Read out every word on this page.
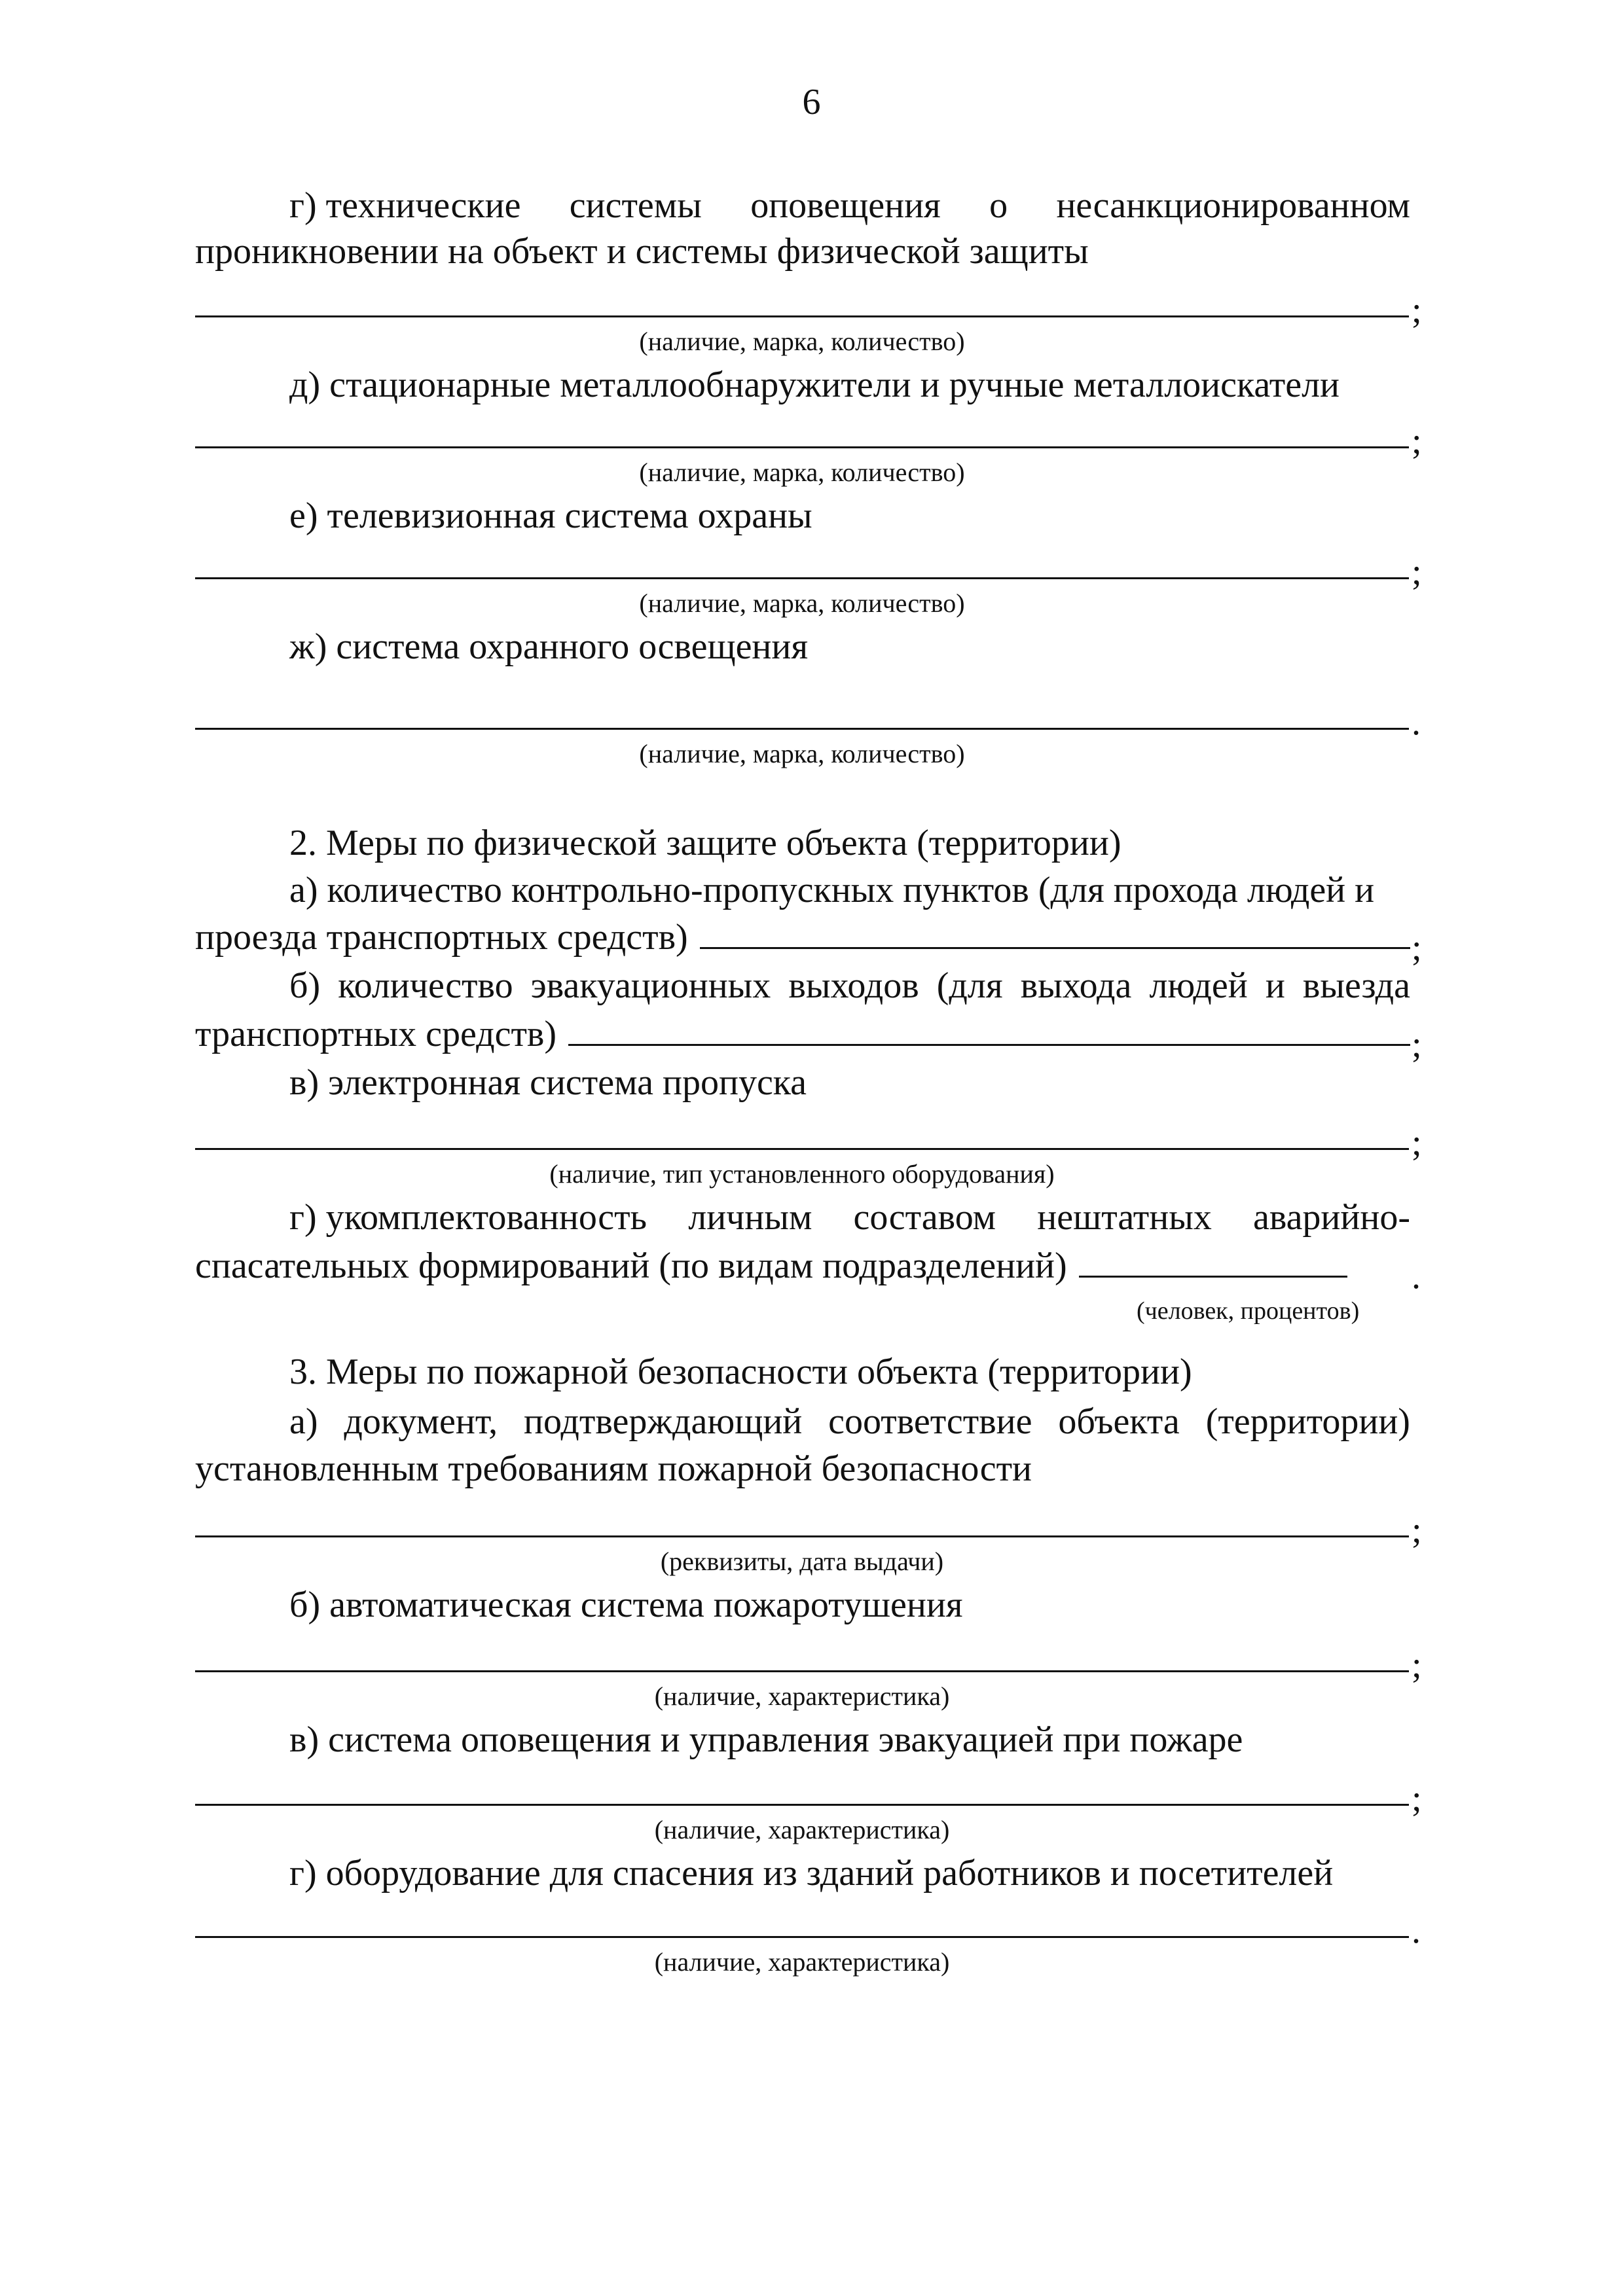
6
г) технические системы оповещения о несанкционированном
проникновении на объект и системы физической защиты
;
(наличие, марка, количество)
д) стационарные металлообнаружители и ручные металлоискатели
;
(наличие, марка, количество)
е) телевизионная система охраны
;
(наличие, марка, количество)
ж) система охранного освещения
.
(наличие, марка, количество)
2. Меры по физической защите объекта (территории)
а) количество контрольно-пропускных пунктов (для прохода людей и
проезда транспортных средств)	;
б) количество эвакуационных выходов (для выхода людей и выезда
транспортных средств)	;
в) электронная система пропуска
;
(наличие, тип установленного оборудования)
г) укомплектованность личным составом нештатных аварийно-
спасательных формирований (по видам подразделений)	.
(человек, процентов)
3. Меры по пожарной безопасности объекта (территории)
а) документ, подтверждающий соответствие объекта (территории)
установленным требованиям пожарной безопасности
;
(реквизиты, дата выдачи)
б) автоматическая система пожаротушения
;
(наличие, характеристика)
в) система оповещения и управления эвакуацией при пожаре
;
(наличие, характеристика)
г) оборудование для спасения из зданий работников и посетителей
.
(наличие, характеристика)
